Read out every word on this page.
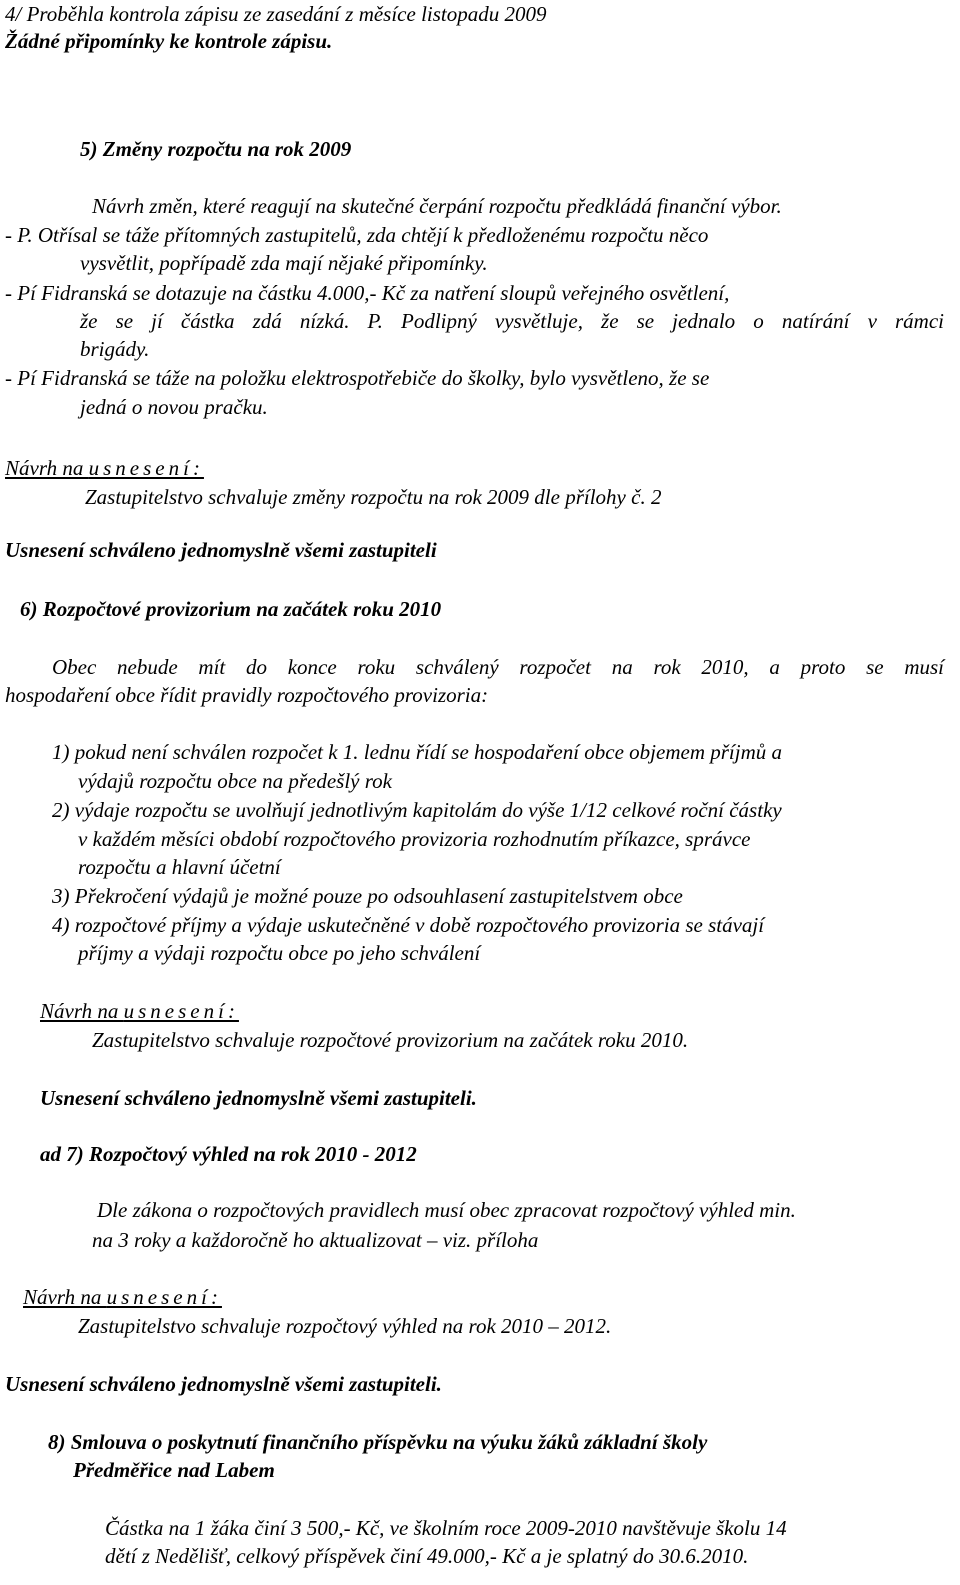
4/ Proběhla kontrola zápisu ze zasedání z měsíce listopadu 2009
Žádné připomínky ke kontrole zápisu.
5) Změny rozpočtu na rok 2009
Návrh změn, které reagují na skutečné čerpání rozpočtu předkládá finanční výbor.
- P. Otřísal se táže přítomných zastupitelů, zda chtějí k předloženému rozpočtu něco
vysvětlit, popřípadě zda mají nějaké připomínky.
- Pí Fidranská se dotazuje na částku 4.000,- Kč za natření sloupů veřejného osvětlení,
že se jí částka zdá nízká. P. Podlipný vysvětluje, že se jednalo o natírání v rámci
brigády.
- Pí Fidranská se táže na položku elektrospotřebiče do školky, bylo vysvětleno, že se
jedná o novou pračku.
Návrh na usnesení:
Zastupitelstvo schvaluje změny rozpočtu na rok 2009 dle přílohy č. 2
Usnesení schváleno jednomyslně všemi zastupiteli
6) Rozpočtové provizorium na začátek roku 2010
Obec nebude mít do konce roku schválený rozpočet na rok 2010, a proto se musí
hospodaření obce řídit pravidly rozpočtového provizoria:
1) pokud není schválen rozpočet k 1. lednu řídí se hospodaření obce objemem příjmů a
výdajů rozpočtu obce na předešlý rok
2) výdaje rozpočtu se uvolňují jednotlivým kapitolám do výše 1/12 celkové roční částky
v každém měsíci období rozpočtového provizoria rozhodnutím příkazce, správce
rozpočtu a hlavní účetní
3) Překročení výdajů je možné pouze po odsouhlasení zastupitelstvem obce
4) rozpočtové příjmy a výdaje uskutečněné v době rozpočtového provizoria se stávají
příjmy a výdaji rozpočtu obce po jeho schválení
Návrh na usnesení:
Zastupitelstvo schvaluje rozpočtové provizorium na začátek roku 2010.
Usnesení schváleno jednomyslně všemi zastupiteli.
ad 7) Rozpočtový výhled na rok 2010 - 2012
Dle zákona o rozpočtových pravidlech musí obec zpracovat rozpočtový výhled min.
na 3 roky a každoročně ho aktualizovat – viz. příloha
Návrh na usnesení:
Zastupitelstvo schvaluje rozpočtový výhled na rok 2010 – 2012.
Usnesení schváleno jednomyslně všemi zastupiteli.
8) Smlouva o poskytnutí finančního příspěvku na výuku žáků základní školy
Předměřice nad Labem
Částka na 1 žáka činí 3 500,- Kč, ve školním roce 2009-2010 navštěvuje školu 14
dětí z Nedělišť, celkový příspěvek činí 49.000,- Kč a je splatný do 30.6.2010.
